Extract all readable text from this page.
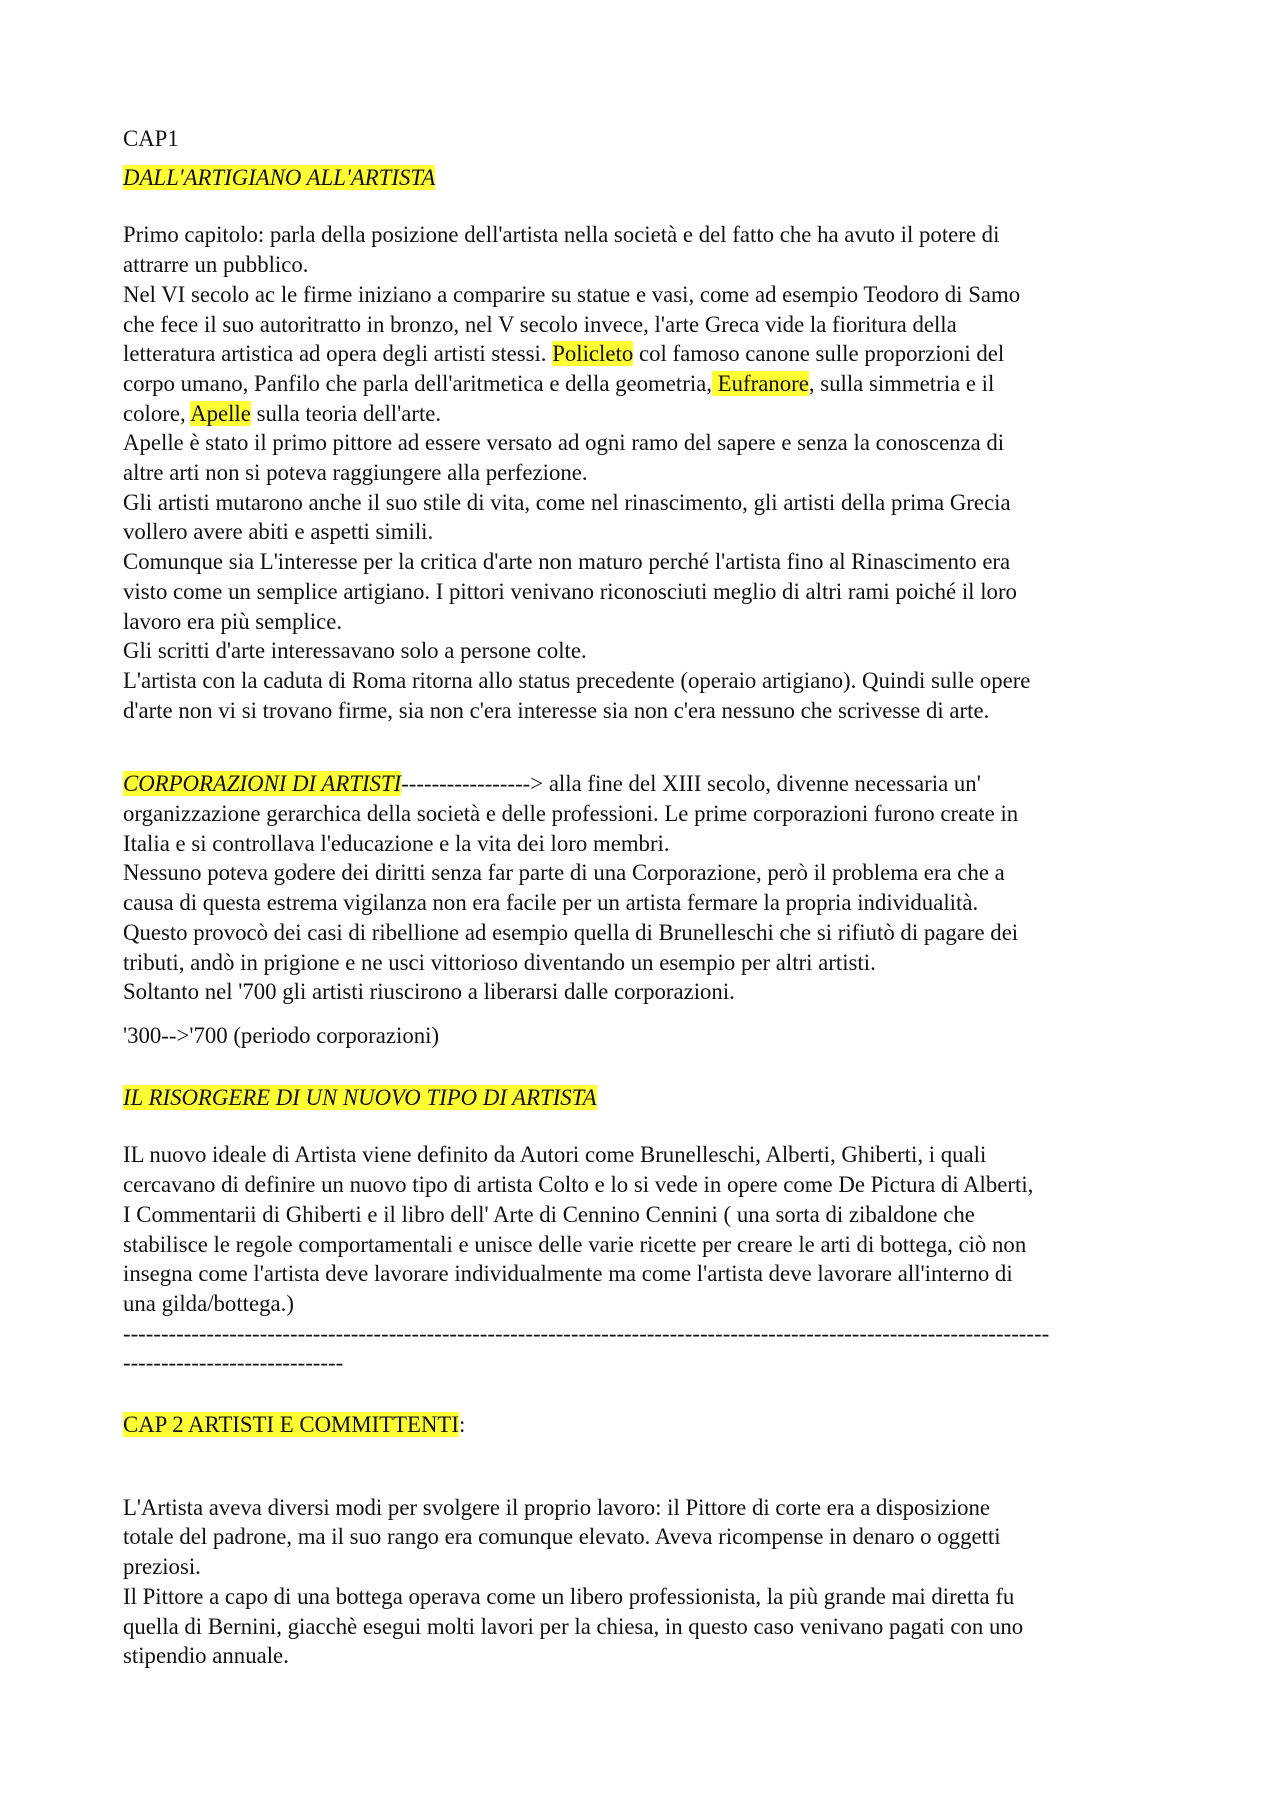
CAP1
DALL'ARTIGIANO ALL'ARTISTA
Primo capitolo: parla della posizione dell'artista nella società e del fatto che ha avuto il potere di
attrarre un pubblico.
Nel VI secolo ac le firme iniziano a comparire su statue e vasi, come ad esempio Teodoro di Samo
che fece il suo autoritratto in bronzo, nel V secolo invece, l'arte Greca vide la fioritura della
letteratura artistica ad opera degli artisti stessi. Policleto col famoso canone sulle proporzioni del
corpo umano, Panfilo che parla dell'aritmetica e della geometria, Eufranore, sulla simmetria e il
colore, Apelle sulla teoria dell'arte.
Apelle è stato il primo pittore ad essere versato ad ogni ramo del sapere e senza la conoscenza di
altre arti non si poteva raggiungere alla perfezione.
Gli artisti mutarono anche il suo stile di vita, come nel rinascimento, gli artisti della prima Grecia
vollero avere abiti e aspetti simili.
Comunque sia L'interesse per la critica d'arte non maturo perché l'artista fino al Rinascimento era
visto come un semplice artigiano. I pittori venivano riconosciuti meglio di altri rami poiché il loro
lavoro era più semplice.
Gli scritti d'arte interessavano solo a persone colte.
L'artista con la caduta di Roma ritorna allo status precedente (operaio artigiano). Quindi sulle opere
d'arte non vi si trovano firme, sia non c'era interesse sia non c'era nessuno che scrivesse di arte.
CORPORAZIONI DI ARTISTI-----------------> alla fine del XIII secolo, divenne necessaria un'
organizzazione gerarchica della società e delle professioni. Le prime corporazioni furono create in
Italia e si controllava l'educazione e la vita dei loro membri.
Nessuno poteva godere dei diritti senza far parte di una Corporazione, però il problema era che a
causa di questa estrema vigilanza non era facile per un artista fermare la propria individualità.
Questo provocò dei casi di ribellione ad esempio quella di Brunelleschi che si rifiutò di pagare dei
tributi, andò in prigione e ne usci vittorioso diventando un esempio per altri artisti.
Soltanto nel '700 gli artisti riuscirono a liberarsi dalle corporazioni.
'300-->'700 (periodo corporazioni)
IL RISORGERE DI UN NUOVO TIPO DI ARTISTA
IL nuovo ideale di Artista viene definito da Autori come Brunelleschi, Alberti, Ghiberti, i quali
cercavano di definire un nuovo tipo di artista Colto e lo si vede in opere come De Pictura di Alberti,
I Commentarii di Ghiberti e il libro dell' Arte di Cennino Cennini ( una sorta di zibaldone che
stabilisce le regole comportamentali e unisce delle varie ricette per creare le arti di bottega, ciò non
insegna come l'artista deve lavorare individualmente ma come l'artista deve lavorare all'interno di
una gilda/bottega.)
--------------------------------------------------------------------------------------------------------------------------
-----------------------------
CAP 2 ARTISTI E COMMITTENTI:
L'Artista aveva diversi modi per svolgere il proprio lavoro: il Pittore di corte era a disposizione
totale del padrone, ma il suo rango era comunque elevato. Aveva ricompense in denaro o oggetti
preziosi.
Il Pittore a capo di una bottega operava come un libero professionista, la più grande mai diretta fu
quella di Bernini, giacchè esegui molti lavori per la chiesa, in questo caso venivano pagati con uno
stipendio annuale.
